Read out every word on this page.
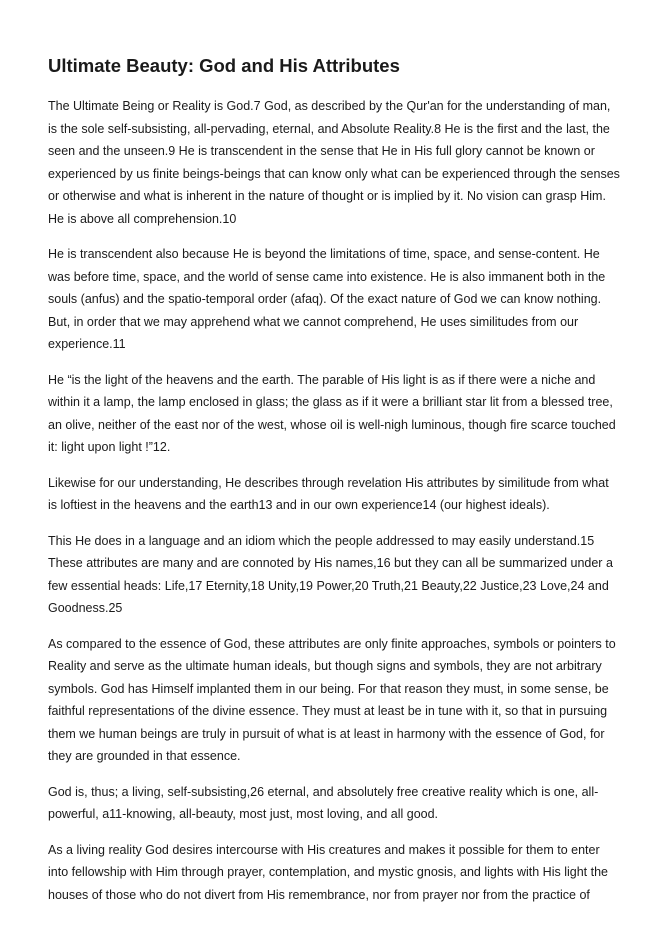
Ultimate Beauty: God and His Attributes

The Ultimate Being or Reality is God.7 God, as described by the Qur'an for the understanding of man, is the sole self-subsisting, all-pervading, eternal, and Absolute Reality.8 He is the first and the last, the seen and the unseen.9 He is transcendent in the sense that He in His full glory cannot be known or experienced by us finite beings-beings that can know only what can be experienced through the senses or otherwise and what is inherent in the nature of thought or is implied by it. No vision can grasp Him. He is above all comprehension.10

He is transcendent also because He is beyond the limitations of time, space, and sense-content. He was before time, space, and the world of sense came into existence. He is also immanent both in the souls (anfus) and the spatio-temporal order (afaq). Of the exact nature of God we can know nothing. But, in order that we may apprehend what we cannot comprehend, He uses similitudes from our experience.11

He “is the light of the heavens and the earth. The parable of His light is as if there were a niche and within it a lamp, the lamp enclosed in glass; the glass as if it were a brilliant star lit from a blessed tree, an olive, neither of the east nor of the west, whose oil is well-nigh luminous, though fire scarce touched it: light upon light !”12.

Likewise for our understanding, He describes through revelation His attributes by similitude from what is loftiest in the heavens and the earth13 and in our own experience14 (our highest ideals).

This He does in a language and an idiom which the people addressed to may easily understand.15 These attributes are many and are connoted by His names,16 but they can all be summarized under a few essential heads: Life,17 Eternity,18 Unity,19 Power,20 Truth,21 Beauty,22 Justice,23 Love,24 and Goodness.25

As compared to the essence of God, these attributes are only finite approaches, symbols or pointers to Reality and serve as the ultimate human ideals, but though signs and symbols, they are not arbitrary symbols. God has Himself implanted them in our being. For that reason they must, in some sense, be faithful representations of the divine essence. They must at least be in tune with it, so that in pursuing them we human beings are truly in pursuit of what is at least in harmony with the essence of God, for they are grounded in that essence.

God is, thus; a living, self-subsisting,26 eternal, and absolutely free creative reality which is one, all-powerful, a11-knowing, all-beauty, most just, most loving, and all good.

As a living reality God desires intercourse with His creatures and makes it possible for them to enter into fellowship with Him through prayer, contemplation, and mystic gnosis, and lights with His light the houses of those who do not divert from His remembrance, nor from prayer nor from the practice of
